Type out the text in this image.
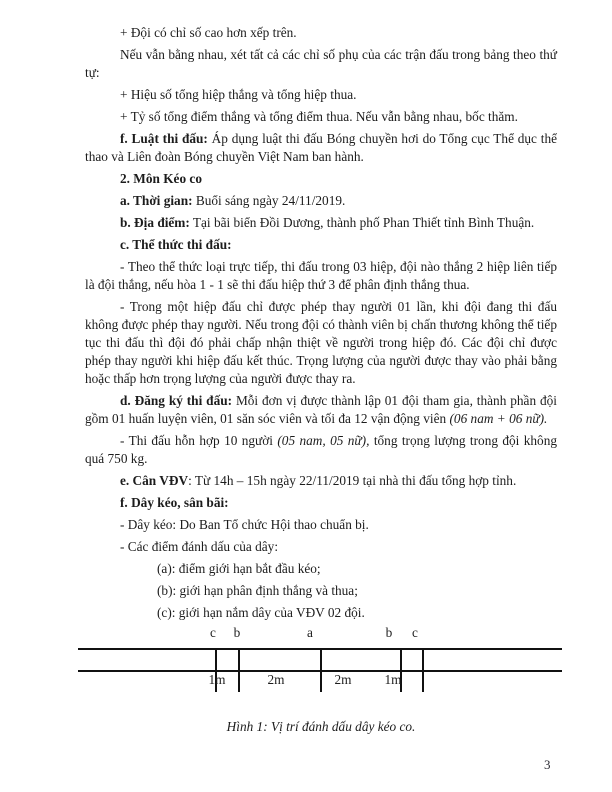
+ Đội có chỉ số cao hơn xếp trên.

Nếu vẫn bằng nhau, xét tất cả các chỉ số phụ của các trận đấu trong bảng theo thứ tự:

+ Hiệu số tổng hiệp thắng và tổng hiệp thua.

+ Tỷ số tổng điểm thắng và tổng điểm thua. Nếu vẫn bằng nhau, bốc thăm.

f. Luật thi đấu: Áp dụng luật thi đấu Bóng chuyền hơi do Tổng cục Thể dục thể thao và Liên đoàn Bóng chuyền Việt Nam ban hành.

2. Môn Kéo co

a. Thời gian: Buổi sáng ngày 24/11/2019.

b. Địa điểm: Tại bãi biển Đồi Dương, thành phố Phan Thiết tỉnh Bình Thuận.

c. Thể thức thi đấu:

- Theo thể thức loại trực tiếp, thi đấu trong 03 hiệp, đội nào thắng 2 hiệp liên tiếp là đội thắng, nếu hòa 1 - 1 sẽ thi đấu hiệp thứ 3 để phân định thắng thua.

- Trong một hiệp đấu chỉ được phép thay người 01 lần, khi đội đang thi đấu không được phép thay người. Nếu trong đội có thành viên bị chấn thương không thể tiếp tục thi đấu thì đội đó phải chấp nhận thiệt về người trong hiệp đó. Các đội chỉ được phép thay người khi hiệp đấu kết thúc. Trọng lượng của người được thay vào phải bằng hoặc thấp hơn trọng lượng của người được thay ra.

d. Đăng ký thi đấu: Mỗi đơn vị được thành lập 01 đội tham gia, thành phần đội gồm 01 huấn luyện viên, 01 săn sóc viên và tối đa 12 vận động viên (06 nam + 06 nữ).

- Thi đấu hỗn hợp 10 người (05 nam, 05 nữ), tổng trọng lượng trong đội không quá 750 kg.

e. Cân VĐV: Từ 14h – 15h ngày 22/11/2019 tại nhà thi đấu tổng hợp tỉnh.

f. Dây kéo, sân bãi:

- Dây kéo: Do Ban Tổ chức Hội thao chuẩn bị.

- Các điểm đánh dấu của dây:

(a): điểm giới hạn bắt đầu kéo;

(b): giới hạn phân định thắng và thua;

(c): giới hạn nắm dây của VĐV 02 đội.

c b	a	b c
1m	2m	2m 1m

Hình 1: Vị trí đánh dấu dây kéo co.

3
